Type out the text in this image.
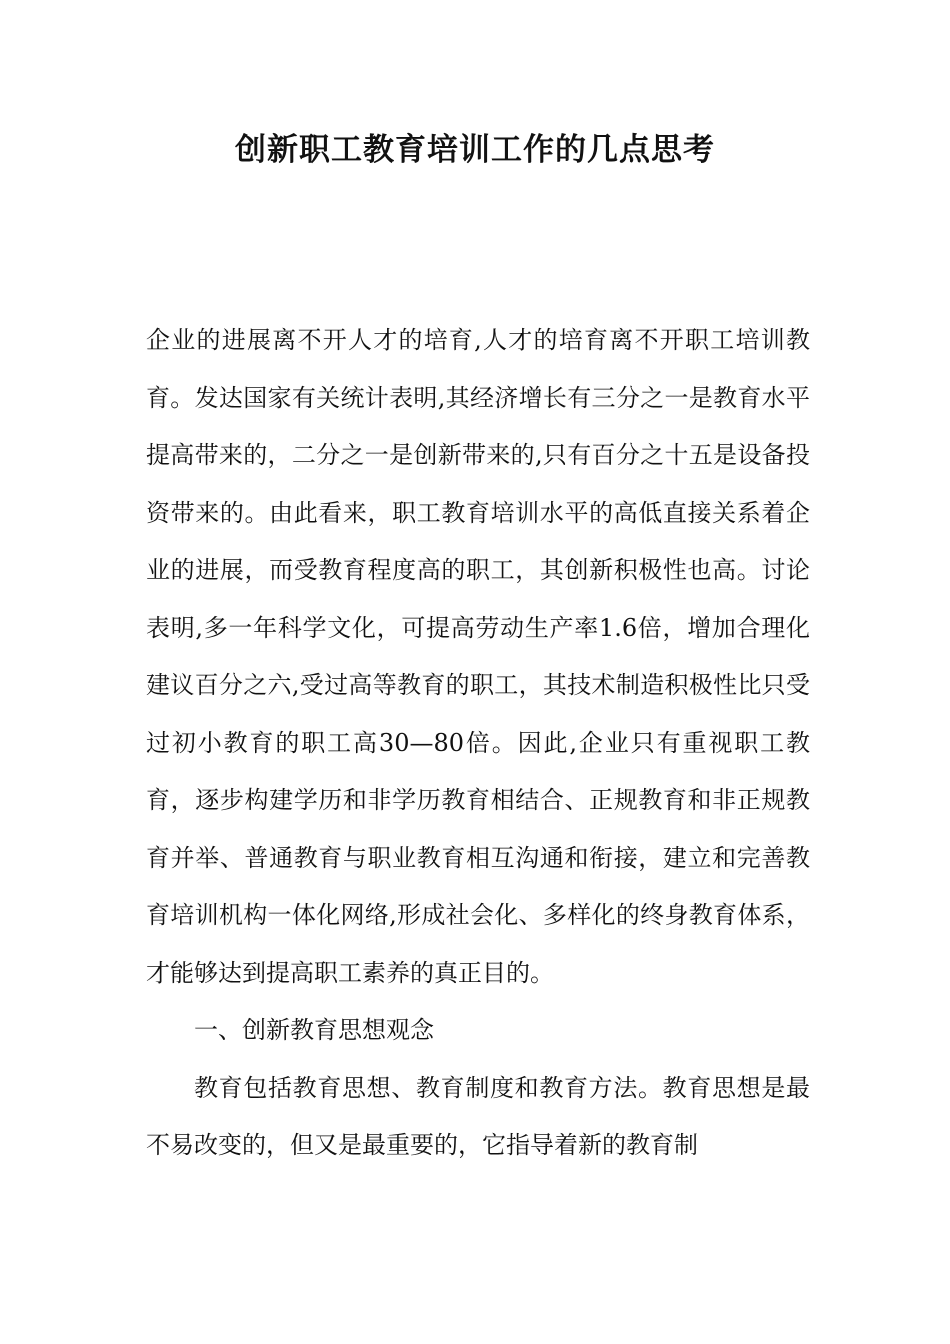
创新职工教育培训工作的几点思考

企业的进展离不开人才的培育,人才的培育离不开职工培训教育。发达国家有关统计表明,其经济增长有三分之一是教育水平提高带来的，二分之一是创新带来的,只有百分之十五是设备投资带来的。由此看来，职工教育培训水平的高低直接关系着企业的进展，而受教育程度高的职工，其创新积极性也高。讨论表明,多一年科学文化，可提高劳动生产率1.6倍，增加合理化建议百分之六,受过高等教育的职工，其技术制造积极性比只受过初小教育的职工高30—80倍。因此,企业只有重视职工教育，逐步构建学历和非学历教育相结合、正规教育和非正规教育并举、普通教育与职业教育相互沟通和衔接，建立和完善教育培训机构一体化网络,形成社会化、多样化的终身教育体系，才能够达到提高职工素养的真正目的。

一、创新教育思想观念

教育包括教育思想、教育制度和教育方法。教育思想是最不易改变的，但又是最重要的，它指导着新的教育制
